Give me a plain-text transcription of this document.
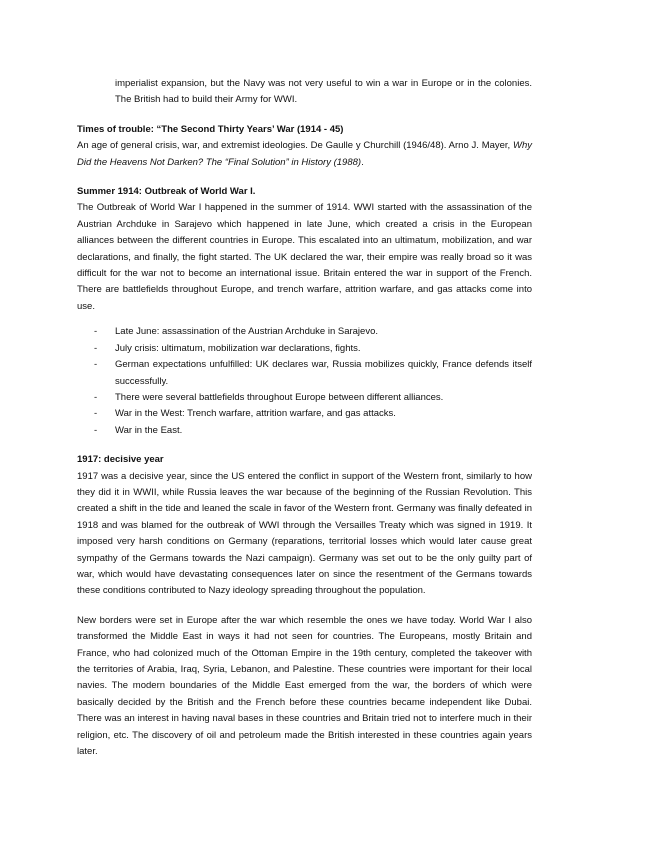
imperialist expansion, but the Navy was not very useful to win a war in Europe or in the colonies. The British had to build their Army for WWI.

Times of trouble: “The Second Thirty Years’ War (1914 - 45)

An age of general crisis, war, and extremist ideologies. De Gaulle y Churchill (1946/48). Arno J. Mayer, Why Did the Heavens Not Darken? The “Final Solution” in History (1988).

Summer 1914: Outbreak of World War I.

The Outbreak of World War I happened in the summer of 1914. WWI started with the assassination of the Austrian Archduke in Sarajevo which happened in late June, which created a crisis in the European alliances between the different countries in Europe. This escalated into an ultimatum, mobilization, and war declarations, and finally, the fight started. The UK declared the war, their empire was really broad so it was difficult for the war not to become an international issue. Britain entered the war in support of the French. There are battlefields throughout Europe, and trench warfare, attrition warfare, and gas attacks come into use.

- Late June: assassination of the Austrian Archduke in Sarajevo.
- July crisis: ultimatum, mobilization war declarations, fights.
- German expectations unfulfilled: UK declares war, Russia mobilizes quickly, France defends itself successfully.
- There were several battlefields throughout Europe between different alliances.
- War in the West: Trench warfare, attrition warfare, and gas attacks.
- War in the East.

1917: decisive year

1917 was a decisive year, since the US entered the conflict in support of the Western front, similarly to how they did it in WWII, while Russia leaves the war because of the beginning of the Russian Revolution. This created a shift in the tide and leaned the scale in favor of the Western front. Germany was finally defeated in 1918 and was blamed for the outbreak of WWI through the Versailles Treaty which was signed in 1919. It imposed very harsh conditions on Germany (reparations, territorial losses which would later cause great sympathy of the Germans towards the Nazi campaign). Germany was set out to be the only guilty part of war, which would have devastating consequences later on since the resentment of the Germans towards these conditions contributed to Nazy ideology spreading throughout the population.

New borders were set in Europe after the war which resemble the ones we have today. World War I also transformed the Middle East in ways it had not seen for countries. The Europeans, mostly Britain and France, who had colonized much of the Ottoman Empire in the 19th century, completed the takeover with the territories of Arabia, Iraq, Syria, Lebanon, and Palestine. These countries were important for their local navies. The modern boundaries of the Middle East emerged from the war, the borders of which were basically decided by the British and the French before these countries became independent like Dubai. There was an interest in having naval bases in these countries and Britain tried not to interfere much in their religion, etc. The discovery of oil and petroleum made the British interested in these countries again years later.
